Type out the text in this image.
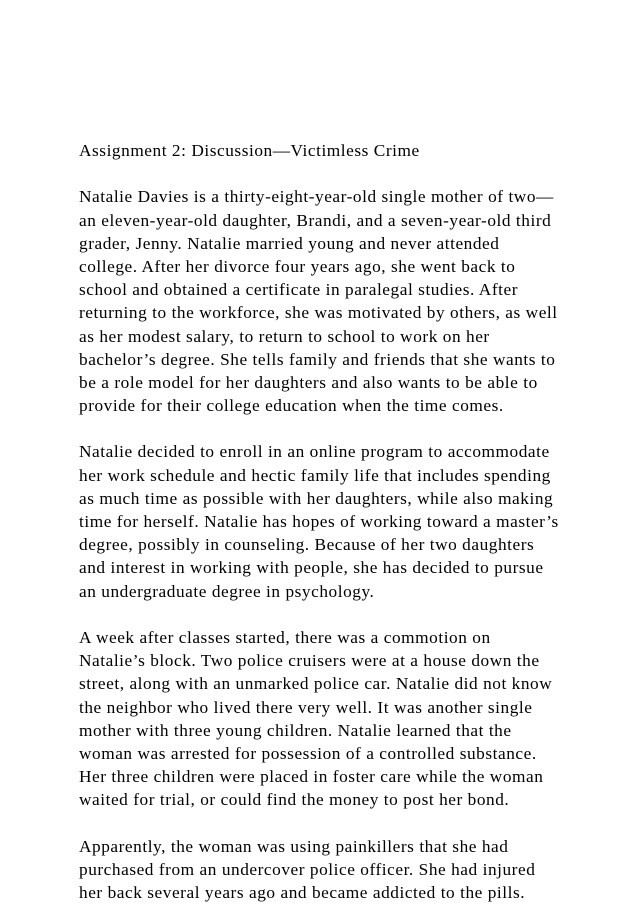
Assignment 2: Discussion—Victimless Crime
Natalie Davies is a thirty-eight-year-old single mother of two—
an eleven-year-old daughter, Brandi, and a seven-year-old third
grader, Jenny. Natalie married young and never attended
college. After her divorce four years ago, she went back to
school and obtained a certificate in paralegal studies. After
returning to the workforce, she was motivated by others, as well
as her modest salary, to return to school to work on her
bachelor’s degree. She tells family and friends that she wants to
be a role model for her daughters and also wants to be able to
provide for their college education when the time comes.
Natalie decided to enroll in an online program to accommodate
her work schedule and hectic family life that includes spending
as much time as possible with her daughters, while also making
time for herself. Natalie has hopes of working toward a master’s
degree, possibly in counseling. Because of her two daughters
and interest in working with people, she has decided to pursue
an undergraduate degree in psychology.
A week after classes started, there was a commotion on
Natalie’s block. Two police cruisers were at a house down the
street, along with an unmarked police car. Natalie did not know
the neighbor who lived there very well. It was another single
mother with three young children. Natalie learned that the
woman was arrested for possession of a controlled substance.
Her three children were placed in foster care while the woman
waited for trial, or could find the money to post her bond.
Apparently, the woman was using painkillers that she had
purchased from an undercover police officer. She had injured
her back several years ago and became addicted to the pills.
